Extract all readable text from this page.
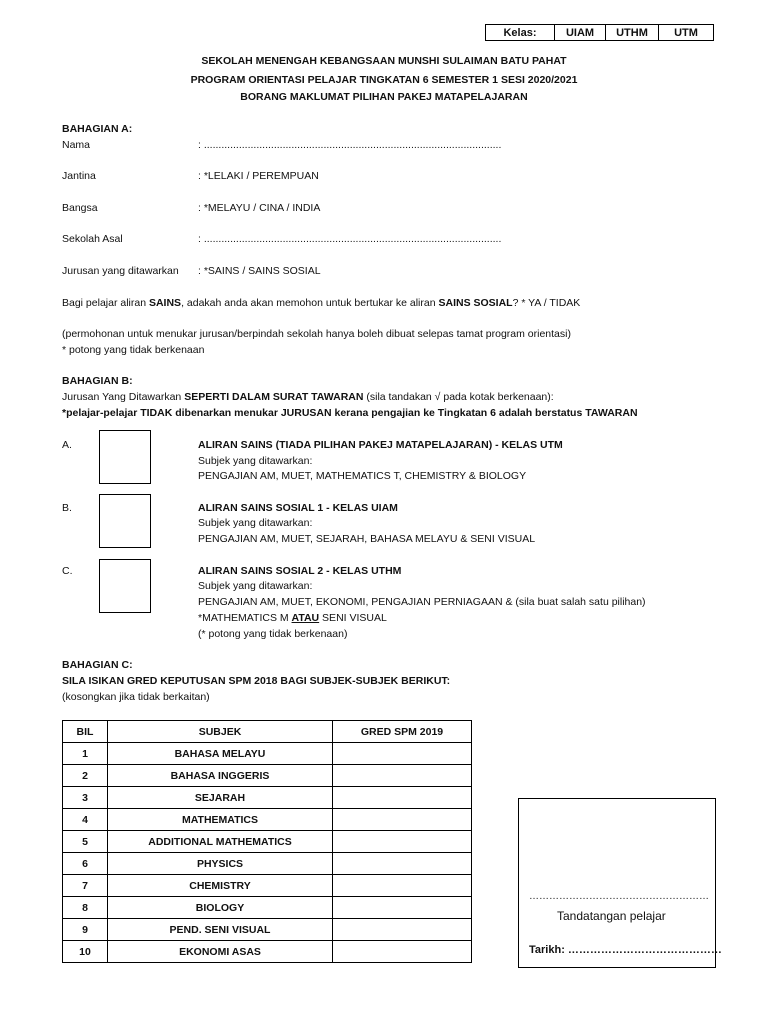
Kelas:	UIAM	UTHM	UTM
SEKOLAH MENENGAH KEBANGSAAN MUNSHI SULAIMAN BATU PAHAT
PROGRAM ORIENTASI PELAJAR TINGKATAN 6 SEMESTER 1 SESI 2020/2021
BORANG MAKLUMAT PILIHAN PAKEJ MATAPELAJARAN
BAHAGIAN A:
Nama	: ......................................................................................................
Jantina	: *LELAKI / PEREMPUAN
Bangsa	: *MELAYU / CINA / INDIA
Sekolah Asal	: ......................................................................................................
Jurusan yang ditawarkan : *SAINS / SAINS SOSIAL
Bagi pelajar aliran SAINS, adakah anda akan memohon untuk bertukar ke aliran SAINS SOSIAL? * YA / TIDAK
(permohonan untuk menukar jurusan/berpindah sekolah hanya boleh dibuat selepas tamat program orientasi)
* potong yang tidak berkenaan
BAHAGIAN B:
Jurusan Yang Ditawarkan SEPERTI DALAM SURAT TAWARAN (sila tandakan √ pada kotak berkenaan):
*pelajar-pelajar TIDAK dibenarkan menukar JURUSAN kerana pengajian ke Tingkatan 6 adalah berstatus TAWARAN
A.	ALIRAN SAINS (TIADA PILIHAN PAKEJ MATAPELAJARAN) - KELAS UTM
Subjek yang ditawarkan:
PENGAJIAN AM, MUET, MATHEMATICS T, CHEMISTRY & BIOLOGY
B.	ALIRAN SAINS SOSIAL 1 - KELAS UIAM
Subjek yang ditawarkan:
PENGAJIAN AM, MUET, SEJARAH, BAHASA MELAYU & SENI VISUAL
C.	ALIRAN SAINS SOSIAL 2 - KELAS UTHM
Subjek yang ditawarkan:
PENGAJIAN AM, MUET, EKONOMI, PENGAJIAN PERNIAGAAN & (sila buat salah satu pilihan)
*MATHEMATICS M ATAU SENI VISUAL
(* potong yang tidak berkenaan)
BAHAGIAN C:
SILA ISIKAN GRED KEPUTUSAN SPM 2018 BAGI SUBJEK-SUBJEK BERIKUT:
(kosongkan jika tidak berkaitan)
BIL	SUBJEK	GRED SPM 2019
1	BAHASA MELAYU	
2	BAHASA INGGERIS	
3	SEJARAH	
4	MATHEMATICS	
5	ADDITIONAL MATHEMATICS	
6	PHYSICS	
7	CHEMISTRY	
8	BIOLOGY	
9	PEND. SENI VISUAL	
10	EKONOMI ASAS	
………………………………………………
Tandatangan pelajar
Tarikh: ……………………………………
